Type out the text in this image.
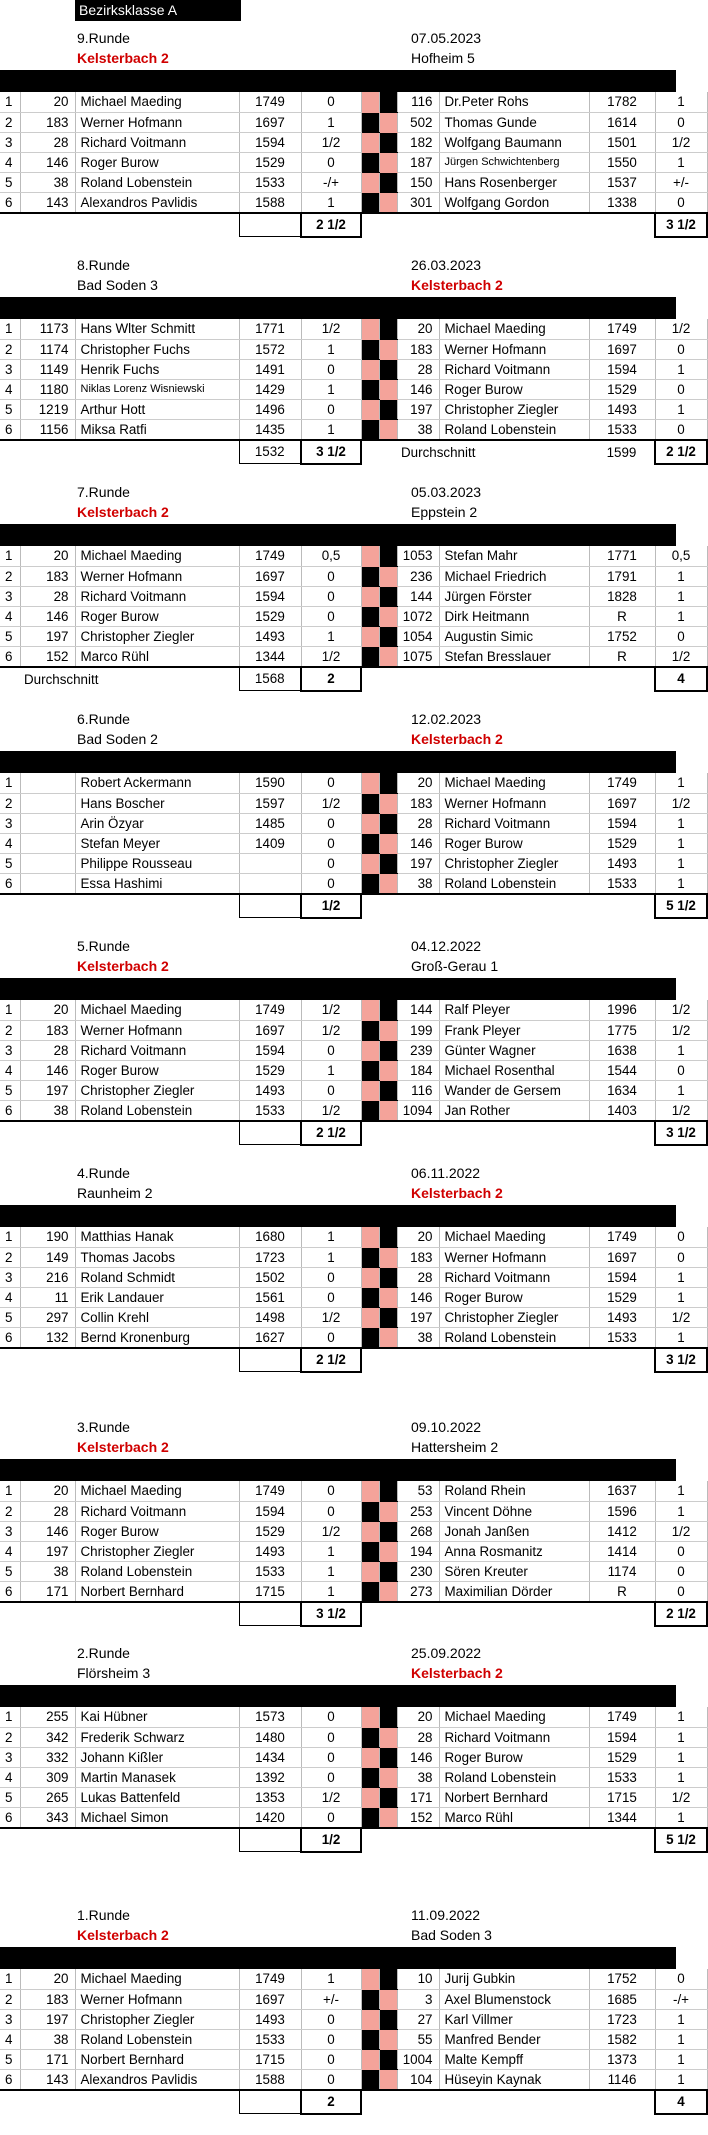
Bezirksklasse A
9.Runde
Kelsterbach 2
07.05.2023
Hofheim 5
1	20	Michael Maeding	1749	0			116	Dr.Peter Rohs	1782	1
2	183	Werner Hofmann	1697	1			502	Thomas Gunde	1614	0
3	28	Richard Voitmann	1594	1/2			182	Wolfgang Baumann	1501	1/2
4	146	Roger Burow	1529	0			187	Jürgen Schwichtenberg	1550	1
5	38	Roland Lobenstein	1533	-/+			150	Hans Rosenberger	1537	+/-
6	143	Alexandros Pavlidis	1588	1			301	Wolfgang Gordon	1338	0
				2 1/2						3 1/2
8.Runde
Bad Soden 3
26.03.2023
Kelsterbach 2
1	1173	Hans Wlter Schmitt	1771	1/2			20	Michael Maeding	1749	1/2
2	1174	Christopher Fuchs	1572	1			183	Werner Hofmann	1697	0
3	1149	Henrik Fuchs	1491	0			28	Richard Voitmann	1594	1
4	1180	Niklas Lorenz Wisniewski	1429	1			146	Roger Burow	1529	0
5	1219	Arthur Hott	1496	0			197	Christopher Ziegler	1493	1
6	1156	Miksa Ratfi	1435	1			38	Roland Lobenstein	1533	0
			1532	3 1/2			Durchschnitt		1599	2 1/2
7.Runde
Kelsterbach 2
05.03.2023
Eppstein 2
1	20	Michael Maeding	1749	0,5			1053	Stefan Mahr	1771	0,5
2	183	Werner Hofmann	1697	0			236	Michael Friedrich	1791	1
3	28	Richard Voitmann	1594	0			144	Jürgen Förster	1828	1
4	146	Roger Burow	1529	0			1072	Dirk Heitmann	R	1
5	197	Christopher Ziegler	1493	1			1054	Augustin Simic	1752	0
6	152	Marco Rühl	1344	1/2			1075	Stefan Bresslauer	R	1/2
	Durchschnitt		1568	2						4
6.Runde
Bad Soden 2
12.02.2023
Kelsterbach 2
1		Robert Ackermann	1590	0			20	Michael Maeding	1749	1
2		Hans Boscher	1597	1/2			183	Werner Hofmann	1697	1/2
3		Arin Özyar	1485	0			28	Richard Voitmann	1594	1
4		Stefan Meyer	1409	0			146	Roger Burow	1529	1
5		Philippe Rousseau		0			197	Christopher Ziegler	1493	1
6		Essa Hashimi		0			38	Roland Lobenstein	1533	1
				1/2						5 1/2
5.Runde
Kelsterbach 2
04.12.2022
Groß-Gerau 1
1	20	Michael Maeding	1749	1/2			144	Ralf Pleyer	1996	1/2
2	183	Werner Hofmann	1697	1/2			199	Frank Pleyer	1775	1/2
3	28	Richard Voitmann	1594	0			239	Günter Wagner	1638	1
4	146	Roger Burow	1529	1			184	Michael Rosenthal	1544	0
5	197	Christopher Ziegler	1493	0			116	Wander de Gersem	1634	1
6	38	Roland Lobenstein	1533	1/2			1094	Jan Rother	1403	1/2
				2 1/2						3 1/2
4.Runde
Raunheim 2
06.11.2022
Kelsterbach 2
1	190	Matthias Hanak	1680	1			20	Michael Maeding	1749	0
2	149	Thomas Jacobs	1723	1			183	Werner Hofmann	1697	0
3	216	Roland Schmidt	1502	0			28	Richard Voitmann	1594	1
4	11	Erik Landauer	1561	0			146	Roger Burow	1529	1
5	297	Collin Krehl	1498	1/2			197	Christopher Ziegler	1493	1/2
6	132	Bernd Kronenburg	1627	0			38	Roland Lobenstein	1533	1
				2 1/2						3 1/2
3.Runde
Kelsterbach 2
09.10.2022
Hattersheim 2
1	20	Michael Maeding	1749	0			53	Roland Rhein	1637	1
2	28	Richard Voitmann	1594	0			253	Vincent Döhne	1596	1
3	146	Roger Burow	1529	1/2			268	Jonah Janßen	1412	1/2
4	197	Christopher Ziegler	1493	1			194	Anna Rosmanitz	1414	0
5	38	Roland Lobenstein	1533	1			230	Sören Kreuter	1174	0
6	171	Norbert Bernhard	1715	1			273	Maximilian Dörder	R	0
				3 1/2						2 1/2
2.Runde
Flörsheim 3
25.09.2022
Kelsterbach 2
1	255	Kai Hübner	1573	0			20	Michael Maeding	1749	1
2	342	Frederik Schwarz	1480	0			28	Richard Voitmann	1594	1
3	332	Johann Kißler	1434	0			146	Roger Burow	1529	1
4	309	Martin Manasek	1392	0			38	Roland Lobenstein	1533	1
5	265	Lukas Battenfeld	1353	1/2			171	Norbert Bernhard	1715	1/2
6	343	Michael Simon	1420	0			152	Marco Rühl	1344	1
				1/2						5 1/2
1.Runde
Kelsterbach 2
11.09.2022
Bad Soden 3
1	20	Michael Maeding	1749	1			10	Jurij Gubkin	1752	0
2	183	Werner Hofmann	1697	+/-			3	Axel Blumenstock	1685	-/+
3	197	Christopher Ziegler	1493	0			27	Karl Villmer	1723	1
4	38	Roland Lobenstein	1533	0			55	Manfred Bender	1582	1
5	171	Norbert Bernhard	1715	0			1004	Malte Kempff	1373	1
6	143	Alexandros Pavlidis	1588	0			104	Hüseyin Kaynak	1146	1
				2						4
